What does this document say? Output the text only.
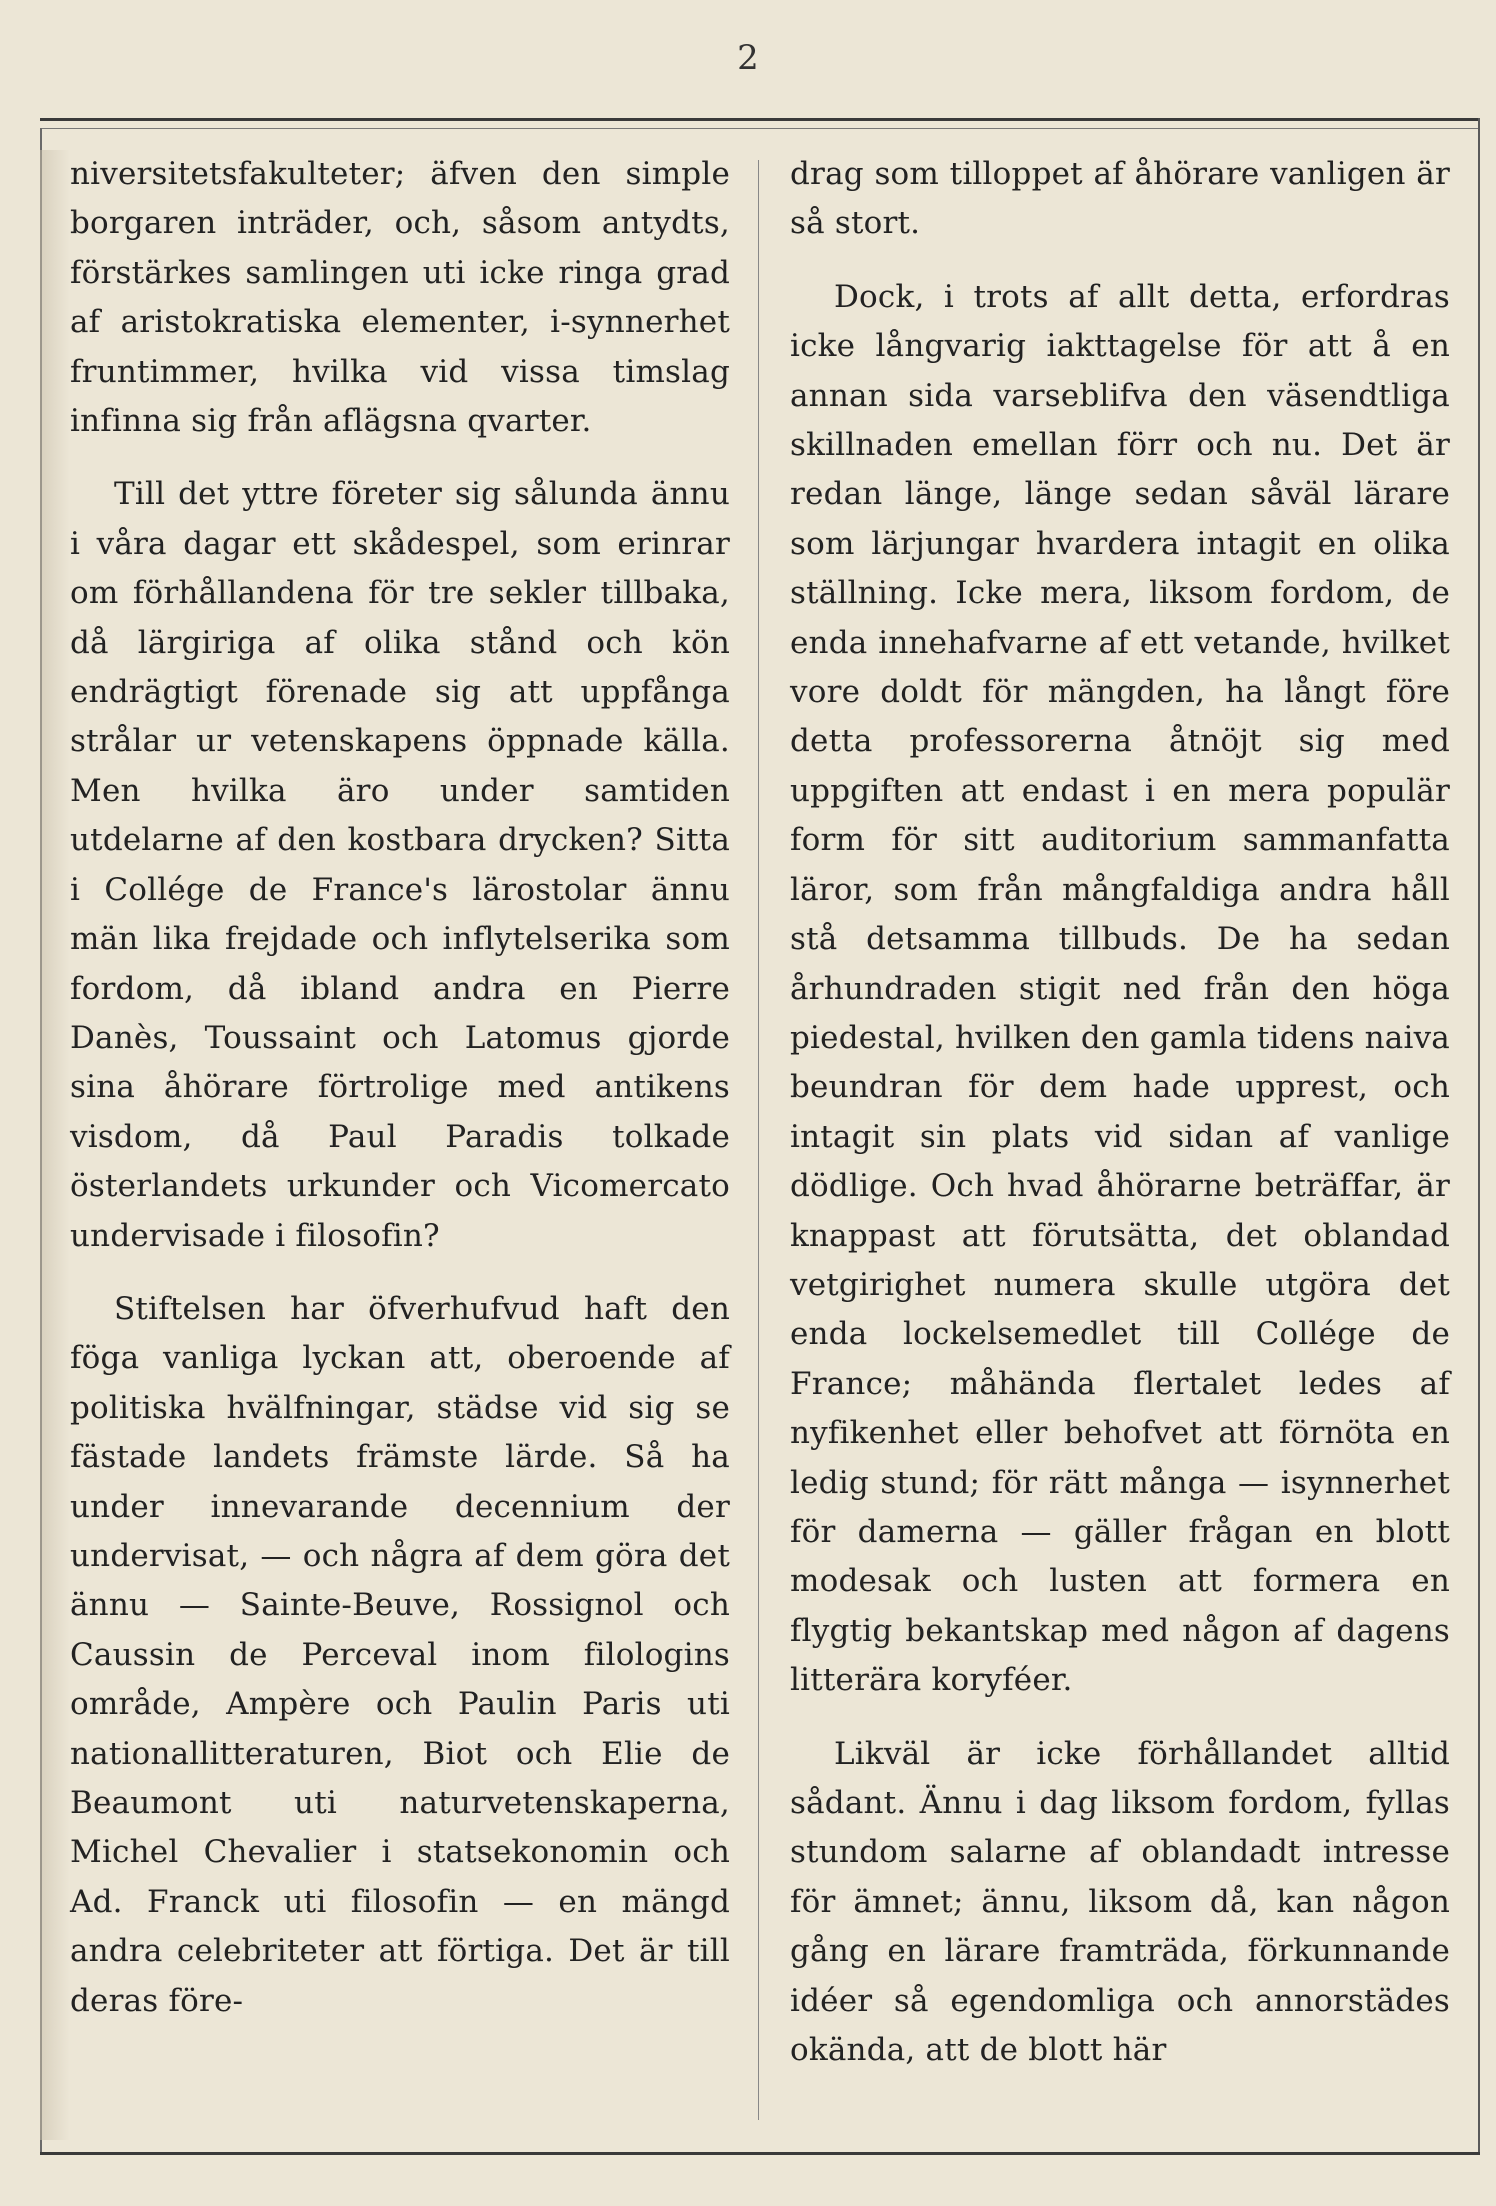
2

niversitetsfakulteter; äfven den simple borgaren inträder, och, såsom antydts, förstärkes samlingen uti icke ringa grad af aristokratiska elementer, i-synnerhet fruntimmer, hvilka vid vissa timslag infinna sig från aflägsna qvarter.

Till det yttre företer sig sålunda ännu i våra dagar ett skådespel, som erinrar om förhållandena för tre sekler tillbaka, då lärgiriga af olika stånd och kön endrägtigt förenade sig att uppfånga strålar ur vetenskapens öppnade källa. Men hvilka äro under samtiden utdelarne af den kostbara drycken? Sitta i Collége de France's lärostolar ännu män lika frejdade och inflytelserika som fordom, då ibland andra en Pierre Danès, Toussaint och Latomus gjorde sina åhörare förtrolige med antikens visdom, då Paul Paradis tolkade österlandets urkunder och Vicomercato undervisade i filosofin?

Stiftelsen har öfverhufvud haft den föga vanliga lyckan att, oberoende af politiska hvälfningar, städse vid sig se fästade landets främste lärde. Så ha under innevarande decennium der undervisat, — och några af dem göra det ännu — Sainte-Beuve, Rossignol och Caussin de Perceval inom filologins område, Ampère och Paulin Paris uti nationallitteraturen, Biot och Elie de Beaumont uti naturvetenskaperna, Michel Chevalier i statsekonomin och Ad. Franck uti filosofin — en mängd andra celebriteter att förtiga. Det är till deras före-

drag som tilloppet af åhörare vanligen är så stort.

Dock, i trots af allt detta, erfordras icke långvarig iakttagelse för att å en annan sida varseblifva den väsendtliga skillnaden emellan förr och nu. Det är redan länge, länge sedan såväl lärare som lärjungar hvardera intagit en olika ställning. Icke mera, liksom fordom, de enda innehafvarne af ett vetande, hvilket vore doldt för mängden, ha långt före detta professorerna åtnöjt sig med uppgiften att endast i en mera populär form för sitt auditorium sammanfatta läror, som från mångfaldiga andra håll stå detsamma tillbuds. De ha sedan århundraden stigit ned från den höga piedestal, hvilken den gamla tidens naiva beundran för dem hade upprest, och intagit sin plats vid sidan af vanlige dödlige. Och hvad åhörarne beträffar, är knappast att förutsätta, det oblandad vetgirighet numera skulle utgöra det enda lockelsemedlet till Collége de France; måhända flertalet ledes af nyfikenhet eller behofvet att förnöta en ledig stund; för rätt många — isynnerhet för damerna — gäller frågan en blott modesak och lusten att formera en flygtig bekantskap med någon af dagens litterära koryféer.

Likväl är icke förhållandet alltid sådant. Ännu i dag liksom fordom, fyllas stundom salarne af oblandadt intresse för ämnet; ännu, liksom då, kan någon gång en lärare framträda, förkunnande idéer så egendomliga och annorstädes okända, att de blott här
